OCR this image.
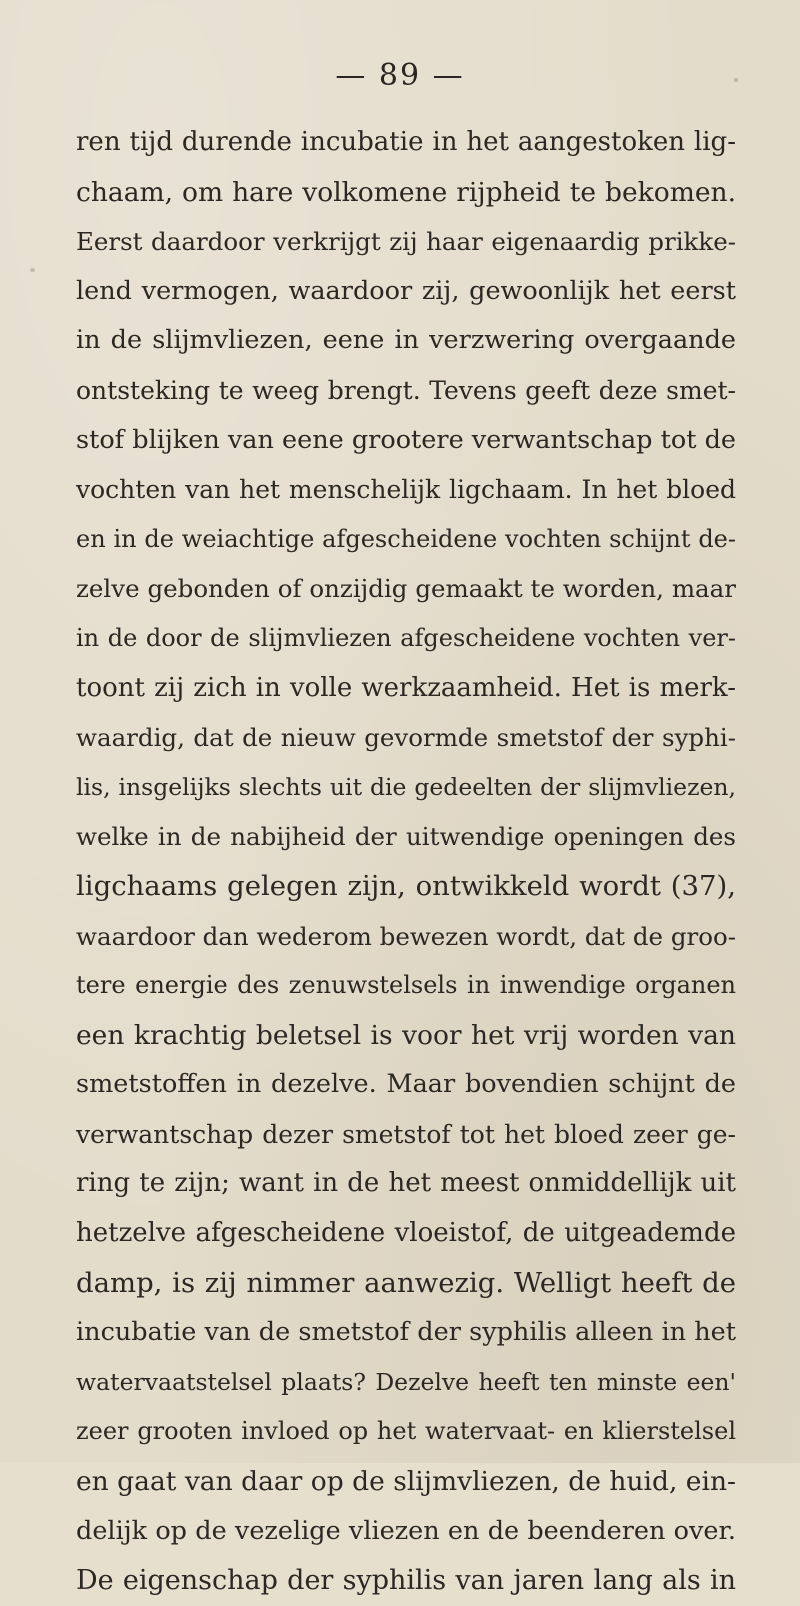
— 89 —
ren tijd durende incubatie in het aangestoken lig-
chaam, om hare volkomene rijpheid te bekomen.
Eerst daardoor verkrijgt zij haar eigenaardig prikke-
lend vermogen, waardoor zij, gewoonlijk het eerst
in de slijmvliezen, eene in verzwering overgaande
ontsteking te weeg brengt. Tevens geeft deze smet-
stof blijken van eene grootere verwantschap tot de
vochten van het menschelijk ligchaam. In het bloed
en in de weiachtige afgescheidene vochten schijnt de-
zelve gebonden of onzijdig gemaakt te worden, maar
in de door de slijmvliezen afgescheidene vochten ver-
toont zij zich in volle werkzaamheid. Het is merk-
waardig, dat de nieuw gevormde smetstof der syphi-
lis, insgelijks slechts uit die gedeelten der slijmvliezen,
welke in de nabijheid der uitwendige openingen des
ligchaams gelegen zijn, ontwikkeld wordt (37),
waardoor dan wederom bewezen wordt, dat de groo-
tere energie des zenuwstelsels in inwendige organen
een krachtig beletsel is voor het vrij worden van
smetstoffen in dezelve. Maar bovendien schijnt de
verwantschap dezer smetstof tot het bloed zeer ge-
ring te zijn; want in de het meest onmiddellijk uit
hetzelve afgescheidene vloeistof, de uitgeademde
damp, is zij nimmer aanwezig. Welligt heeft de
incubatie van de smetstof der syphilis alleen in het
watervaatstelsel plaats? Dezelve heeft ten minste een'
zeer grooten invloed op het watervaat- en klierstelsel
en gaat van daar op de slijmvliezen, de huid, ein-
delijk op de vezelige vliezen en de beenderen over.
De eigenschap der syphilis van jaren lang als in
